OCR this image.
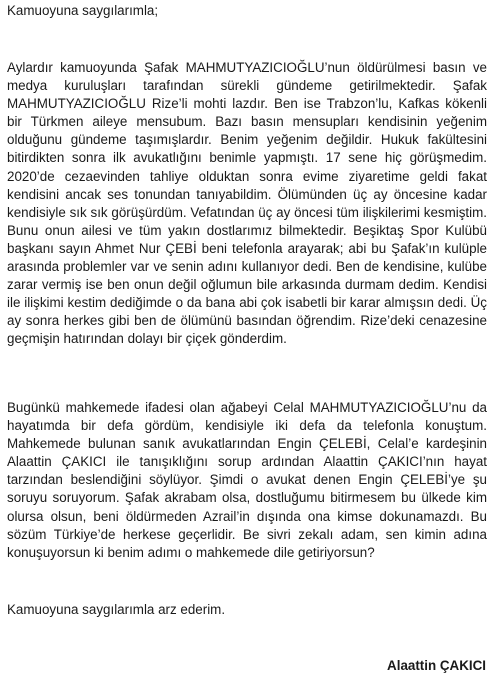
Kamuoyuna saygılarımla;

Aylardır kamuoyunda Şafak MAHMUTYAZICIOĞLU’nun öldürülmesi basın ve medya kuruluşları tarafından sürekli gündeme getirilmektedir. Şafak MAHMUTYAZICIOĞLU Rize’li mohti lazdır. Ben ise Trabzon’lu, Kafkas kökenli bir Türkmen aileye mensubum. Bazı basın mensupları kendisinin yeğenim olduğunu gündeme taşımışlardır. Benim yeğenim değildir. Hukuk fakültesini bitirdikten sonra ilk avukatlığını benimle yapmıştı. 17 sene hiç görüşmedim. 2020’de cezaevinden tahliye olduktan sonra evime ziyaretime geldi fakat kendisini ancak ses tonundan tanıyabildim. Ölümünden üç ay öncesine kadar kendisiyle sık sık görüşürdüm. Vefatından üç ay öncesi tüm ilişkilerimi kesmiştim. Bunu onun ailesi ve tüm yakın dostlarımız bilmektedir. Beşiktaş Spor Kulübü başkanı sayın Ahmet Nur ÇEBİ beni telefonla arayarak; abi bu Şafak’ın kulüple arasında problemler var ve senin adını kullanıyor dedi. Ben de kendisine, kulübe zarar vermiş ise ben onun değil oğlumun bile arkasında durmam dedim. Kendisi ile ilişkimi kestim dediğimde o da bana abi çok isabetli bir karar almışsın dedi. Üç ay sonra herkes gibi ben de ölümünü basından öğrendim. Rize’deki cenazesine geçmişin hatırından dolayı bir çiçek gönderdim.

Bugünkü mahkemede ifadesi olan ağabeyi Celal MAHMUTYAZICIOĞLU’nu da hayatımda bir defa gördüm, kendisiyle iki defa da telefonla konuştum. Mahkemede bulunan sanık avukatlarından Engin ÇELEBİ, Celal’e kardeşinin Alaattin ÇAKICI ile tanışıklığını sorup ardından Alaattin ÇAKICI’nın hayat tarzından beslendiğini söylüyor. Şimdi o avukat denen Engin ÇELEBİ’ye şu soruyu soruyorum. Şafak akrabam olsa, dostluğumu bitirmesem bu ülkede kim olursa olsun, beni öldürmeden Azrail’in dışında ona kimse dokunamazdı. Bu sözüm Türkiye’de herkese geçerlidir. Be sivri zekalı adam, sen kimin adına konuşuyorsun ki benim adımı o mahkemede dile getiriyorsun?

Kamuoyuna saygılarımla arz ederim.

Alaattin ÇAKICI
